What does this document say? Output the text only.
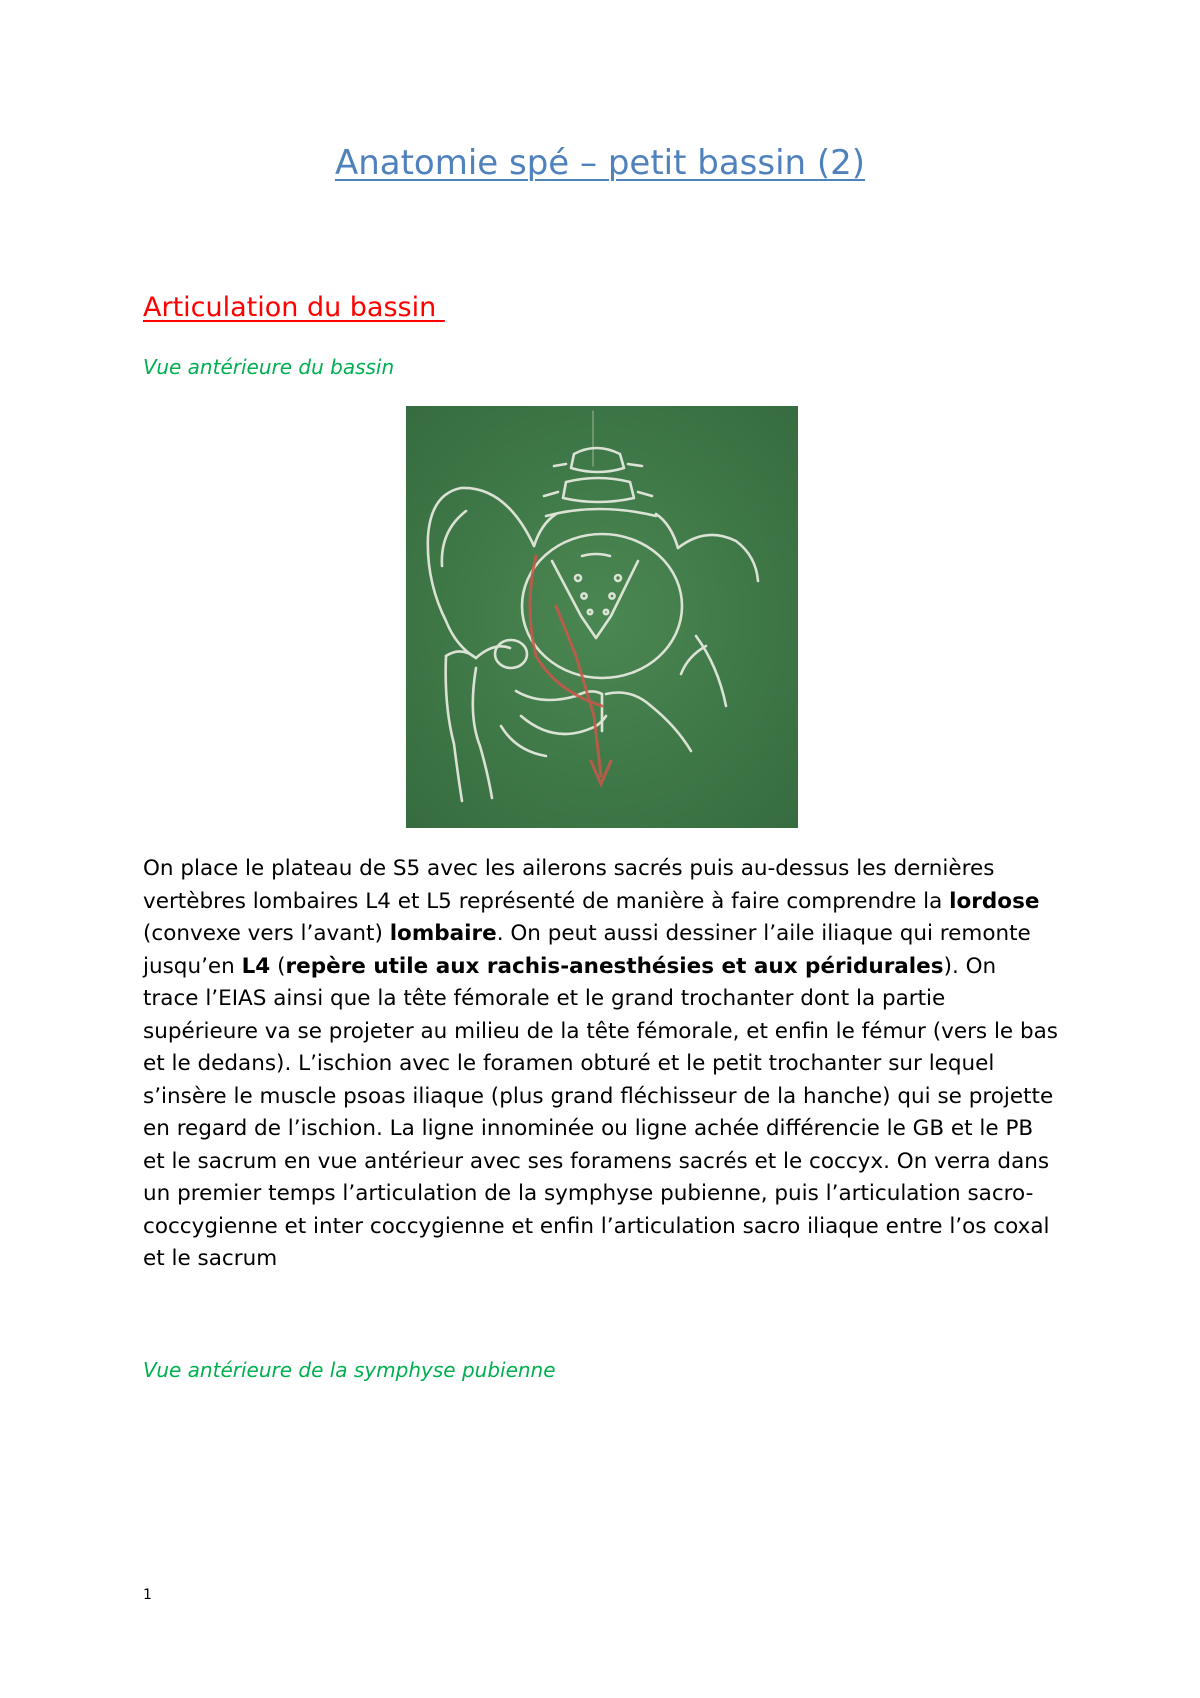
Anatomie spé – petit bassin (2)
Articulation du bassin
Vue antérieure du bassin
On place le plateau de S5 avec les ailerons sacrés puis au-dessus les dernières vertèbres lombaires L4 et L5 représenté de manière à faire comprendre la lordose (convexe vers l’avant) lombaire. On peut aussi dessiner l’aile iliaque qui remonte jusqu’en L4 (repère utile aux rachis-anesthésies et aux péridurales). On trace l’EIAS ainsi que la tête fémorale et le grand trochanter dont la partie supérieure va se projeter au milieu de la tête fémorale, et enfin le fémur (vers le bas et le dedans). L’ischion avec le foramen obturé et le petit trochanter sur lequel s’insère le muscle psoas iliaque (plus grand fléchisseur de la hanche) qui se projette en regard de l’ischion. La ligne innominée ou ligne achée différencie le GB et le PB et le sacrum en vue antérieur avec ses foramens sacrés et le coccyx. On verra dans un premier temps l’articulation de la symphyse pubienne, puis l’articulation sacro-coccygienne et inter coccygienne et enfin l’articulation sacro iliaque entre l’os coxal et le sacrum
Vue antérieure de la symphyse pubienne
1
